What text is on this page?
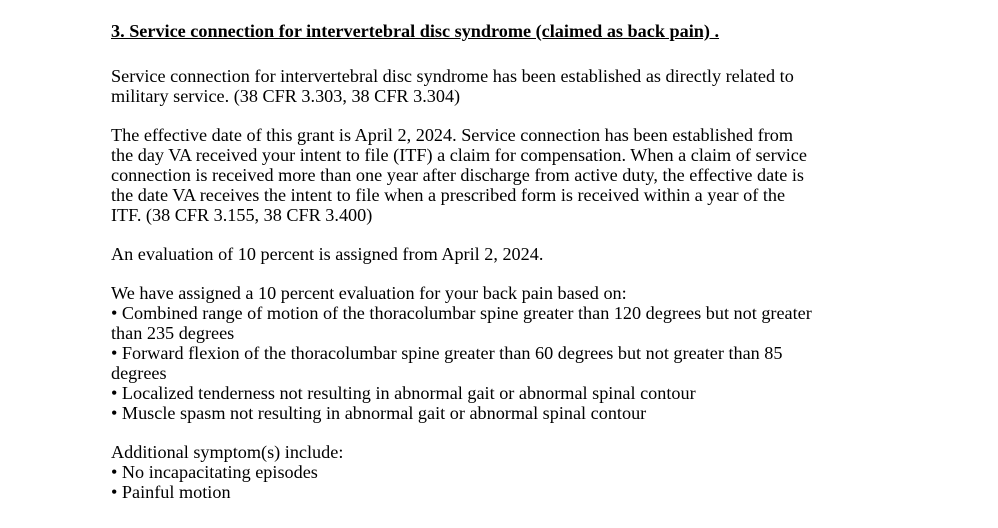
3. Service connection for intervertebral disc syndrome (claimed as back pain) .

Service connection for intervertebral disc syndrome has been established as directly related to
military service. (38 CFR 3.303, 38 CFR 3.304)

The effective date of this grant is April 2, 2024. Service connection has been established from
the day VA received your intent to file (ITF) a claim for compensation. When a claim of service
connection is received more than one year after discharge from active duty, the effective date is
the date VA receives the intent to file when a prescribed form is received within a year of the
ITF. (38 CFR 3.155, 38 CFR 3.400)

An evaluation of 10 percent is assigned from April 2, 2024.

We have assigned a 10 percent evaluation for your back pain based on:
• Combined range of motion of the thoracolumbar spine greater than 120 degrees but not greater
than 235 degrees
• Forward flexion of the thoracolumbar spine greater than 60 degrees but not greater than 85
degrees
• Localized tenderness not resulting in abnormal gait or abnormal spinal contour
• Muscle spasm not resulting in abnormal gait or abnormal spinal contour
Additional symptom(s) include:
• No incapacitating episodes
• Painful motion
